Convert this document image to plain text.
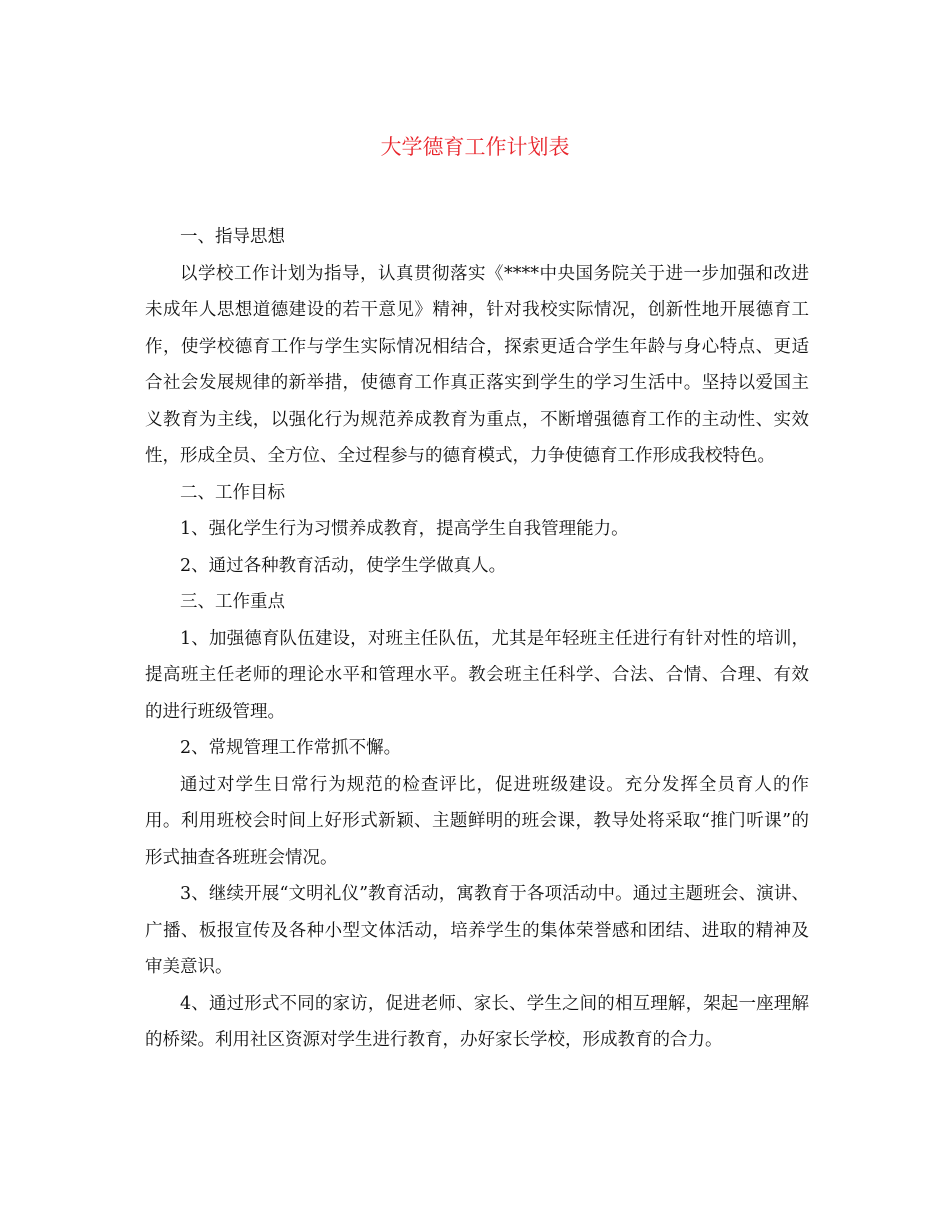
大学德育工作计划表

一、指导思想

以学校工作计划为指导，认真贯彻落实《****中央国务院关于进一步加强和改进未成年人思想道德建设的若干意见》精神，针对我校实际情况，创新性地开展德育工作，使学校德育工作与学生实际情况相结合，探索更适合学生年龄与身心特点、更适合社会发展规律的新举措，使德育工作真正落实到学生的学习生活中。坚持以爱国主义教育为主线，以强化行为规范养成教育为重点，不断增强德育工作的主动性、实效性，形成全员、全方位、全过程参与的德育模式，力争使德育工作形成我校特色。

二、工作目标

1、强化学生行为习惯养成教育，提高学生自我管理能力。

2、通过各种教育活动，使学生学做真人。

三、工作重点

1、加强德育队伍建设，对班主任队伍，尤其是年轻班主任进行有针对性的培训，提高班主任老师的理论水平和管理水平。教会班主任科学、合法、合情、合理、有效的进行班级管理。

2、常规管理工作常抓不懈。

通过对学生日常行为规范的检查评比，促进班级建设。充分发挥全员育人的作用。利用班校会时间上好形式新颖、主题鲜明的班会课，教导处将采取“推门听课”的形式抽查各班班会情况。

3、继续开展“文明礼仪”教育活动，寓教育于各项活动中。通过主题班会、演讲、广播、板报宣传及各种小型文体活动，培养学生的集体荣誉感和团结、进取的精神及审美意识。

4、通过形式不同的家访，促进老师、家长、学生之间的相互理解，架起一座理解的桥梁。利用社区资源对学生进行教育，办好家长学校，形成教育的合力。
